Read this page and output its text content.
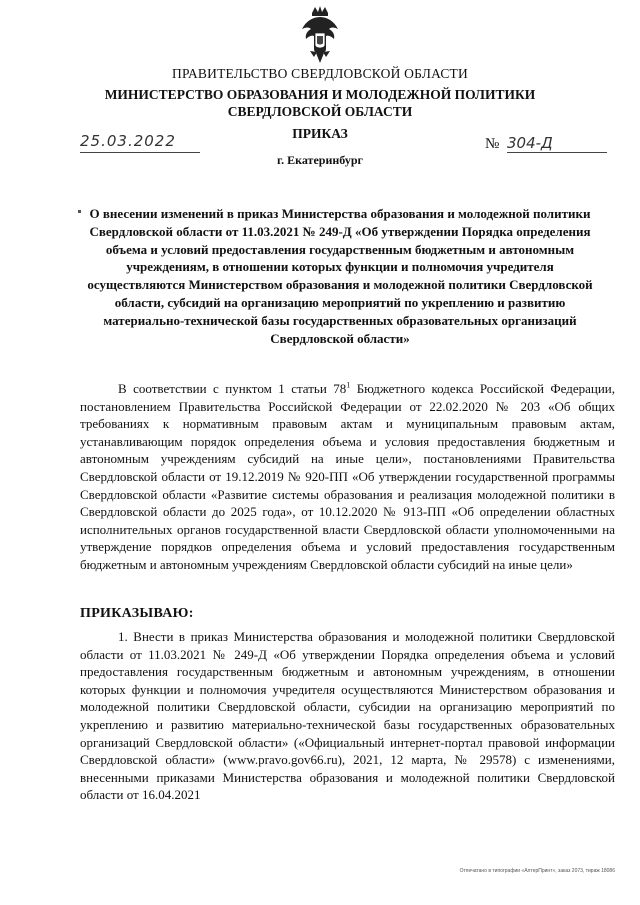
ПРАВИТЕЛЬСТВО СВЕРДЛОВСКОЙ ОБЛАСТИ
МИНИСТЕРСТВО ОБРАЗОВАНИЯ И МОЛОДЕЖНОЙ ПОЛИТИКИ
СВЕРДЛОВСКОЙ ОБЛАСТИ
ПРИКАЗ
25.03.2022	№ 304-Д
г. Екатеринбург
О внесении изменений в приказ Министерства образования и молодежной политики Свердловской области от 11.03.2021 № 249-Д «Об утверждении Порядка определения объема и условий предоставления государственным бюджетным и автономным учреждениям, в отношении которых функции и полномочия учредителя осуществляются Министерством образования и молодежной политики Свердловской области, субсидий на организацию мероприятий по укреплению и развитию материально-технической базы государственных образовательных организаций Свердловской области»
В соответствии с пунктом 1 статьи $78^1$ Бюджетного кодекса Российской Федерации, постановлением Правительства Российской Федерации от 22.02.2020 № 203 «Об общих требованиях к нормативным правовым актам и муниципальным правовым актам, устанавливающим порядок определения объема и условия предоставления бюджетным и автономным учреждениям субсидий на иные цели», постановлениями Правительства Свердловской области от 19.12.2019 № 920-ПП «Об утверждении государственной программы Свердловской области «Развитие системы образования и реализация молодежной политики в Свердловской области до 2025 года», от 10.12.2020 № 913-ПП «Об определении областных исполнительных органов государственной власти Свердловской области уполномоченными на утверждение порядков определения объема и условий предоставления государственным бюджетным и автономным учреждениям Свердловской области субсидий на иные цели»
ПРИКАЗЫВАЮ:
1. Внести в приказ Министерства образования и молодежной политики Свердловской области от 11.03.2021 № 249-Д «Об утверждении Порядка определения объема и условий предоставления государственным бюджетным и автономным учреждениям, в отношении которых функции и полномочия учредителя осуществляются Министерством образования и молодежной политики Свердловской области, субсидии на организацию мероприятий по укреплению и развитию материально-технической базы государственных образовательных организаций Свердловской области» («Официальный интернет-портал правовой информации Свердловской области» (www.pravo.gov66.ru), 2021, 12 марта, № 29578) с изменениями, внесенными приказами Министерства образования и молодежной политики Свердловской области от 16.04.2021
Отпечатано в типографии «АлтерПринт», заказ 2073, тираж 18086
